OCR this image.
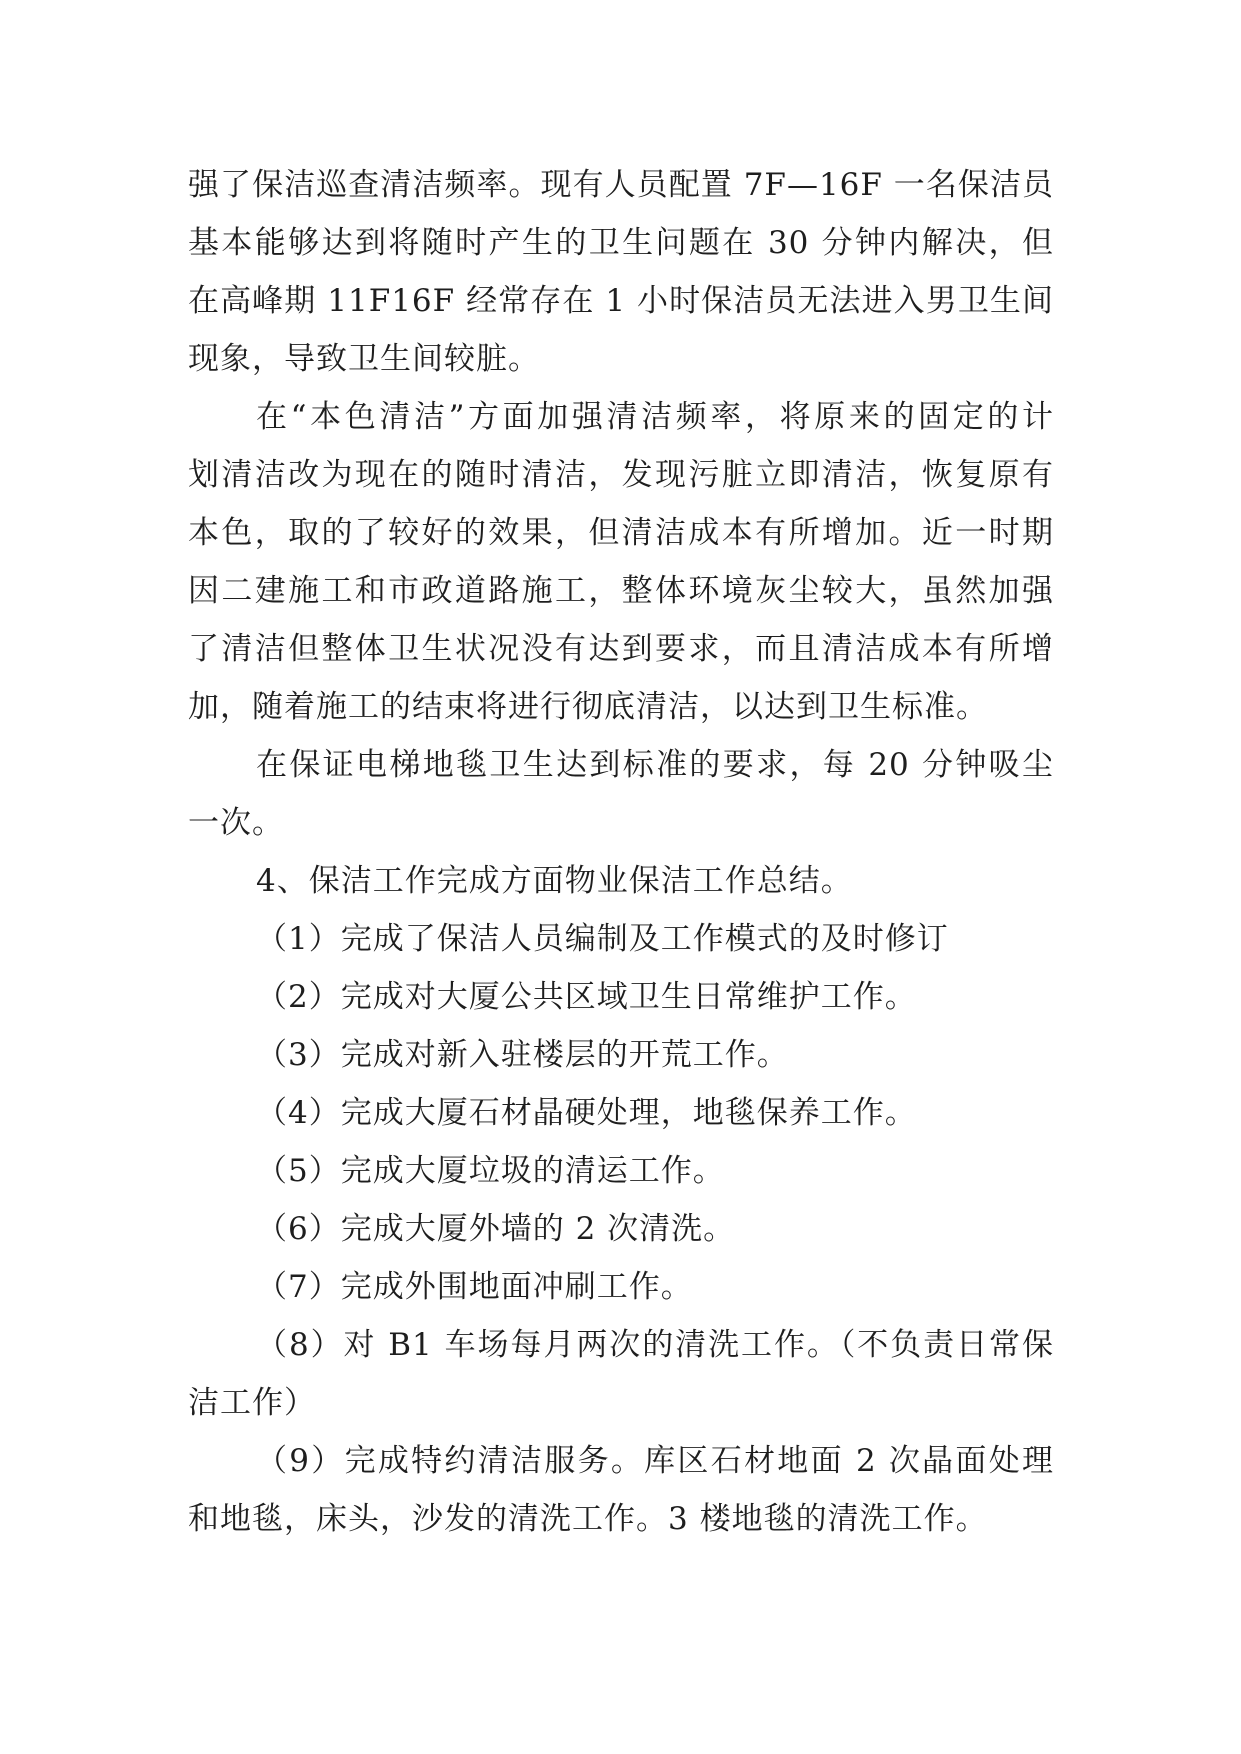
强了保洁巡查清洁频率。现有人员配置 7F—16F 一名保洁员
基本能够达到将随时产生的卫生问题在 30 分钟内解决，但
在高峰期 11F16F 经常存在 1 小时保洁员无法进入男卫生间
现象，导致卫生间较脏。
在“本色清洁”方面加强清洁频率，将原来的固定的计
划清洁改为现在的随时清洁，发现污脏立即清洁，恢复原有
本色，取的了较好的效果，但清洁成本有所增加。近一时期
因二建施工和市政道路施工，整体环境灰尘较大，虽然加强
了清洁但整体卫生状况没有达到要求，而且清洁成本有所增
加，随着施工的结束将进行彻底清洁，以达到卫生标准。
在保证电梯地毯卫生达到标准的要求，每 20 分钟吸尘
一次。
4、保洁工作完成方面物业保洁工作总结。
（1）完成了保洁人员编制及工作模式的及时修订
（2）完成对大厦公共区域卫生日常维护工作。
（3）完成对新入驻楼层的开荒工作。
（4）完成大厦石材晶硬处理，地毯保养工作。
（5）完成大厦垃圾的清运工作。
（6）完成大厦外墙的 2 次清洗。
（7）完成外围地面冲刷工作。
（8）对 B1 车场每月两次的清洗工作。（不负责日常保
洁工作）
（9）完成特约清洁服务。库区石材地面 2 次晶面处理
和地毯，床头，沙发的清洗工作。3 楼地毯的清洗工作。
